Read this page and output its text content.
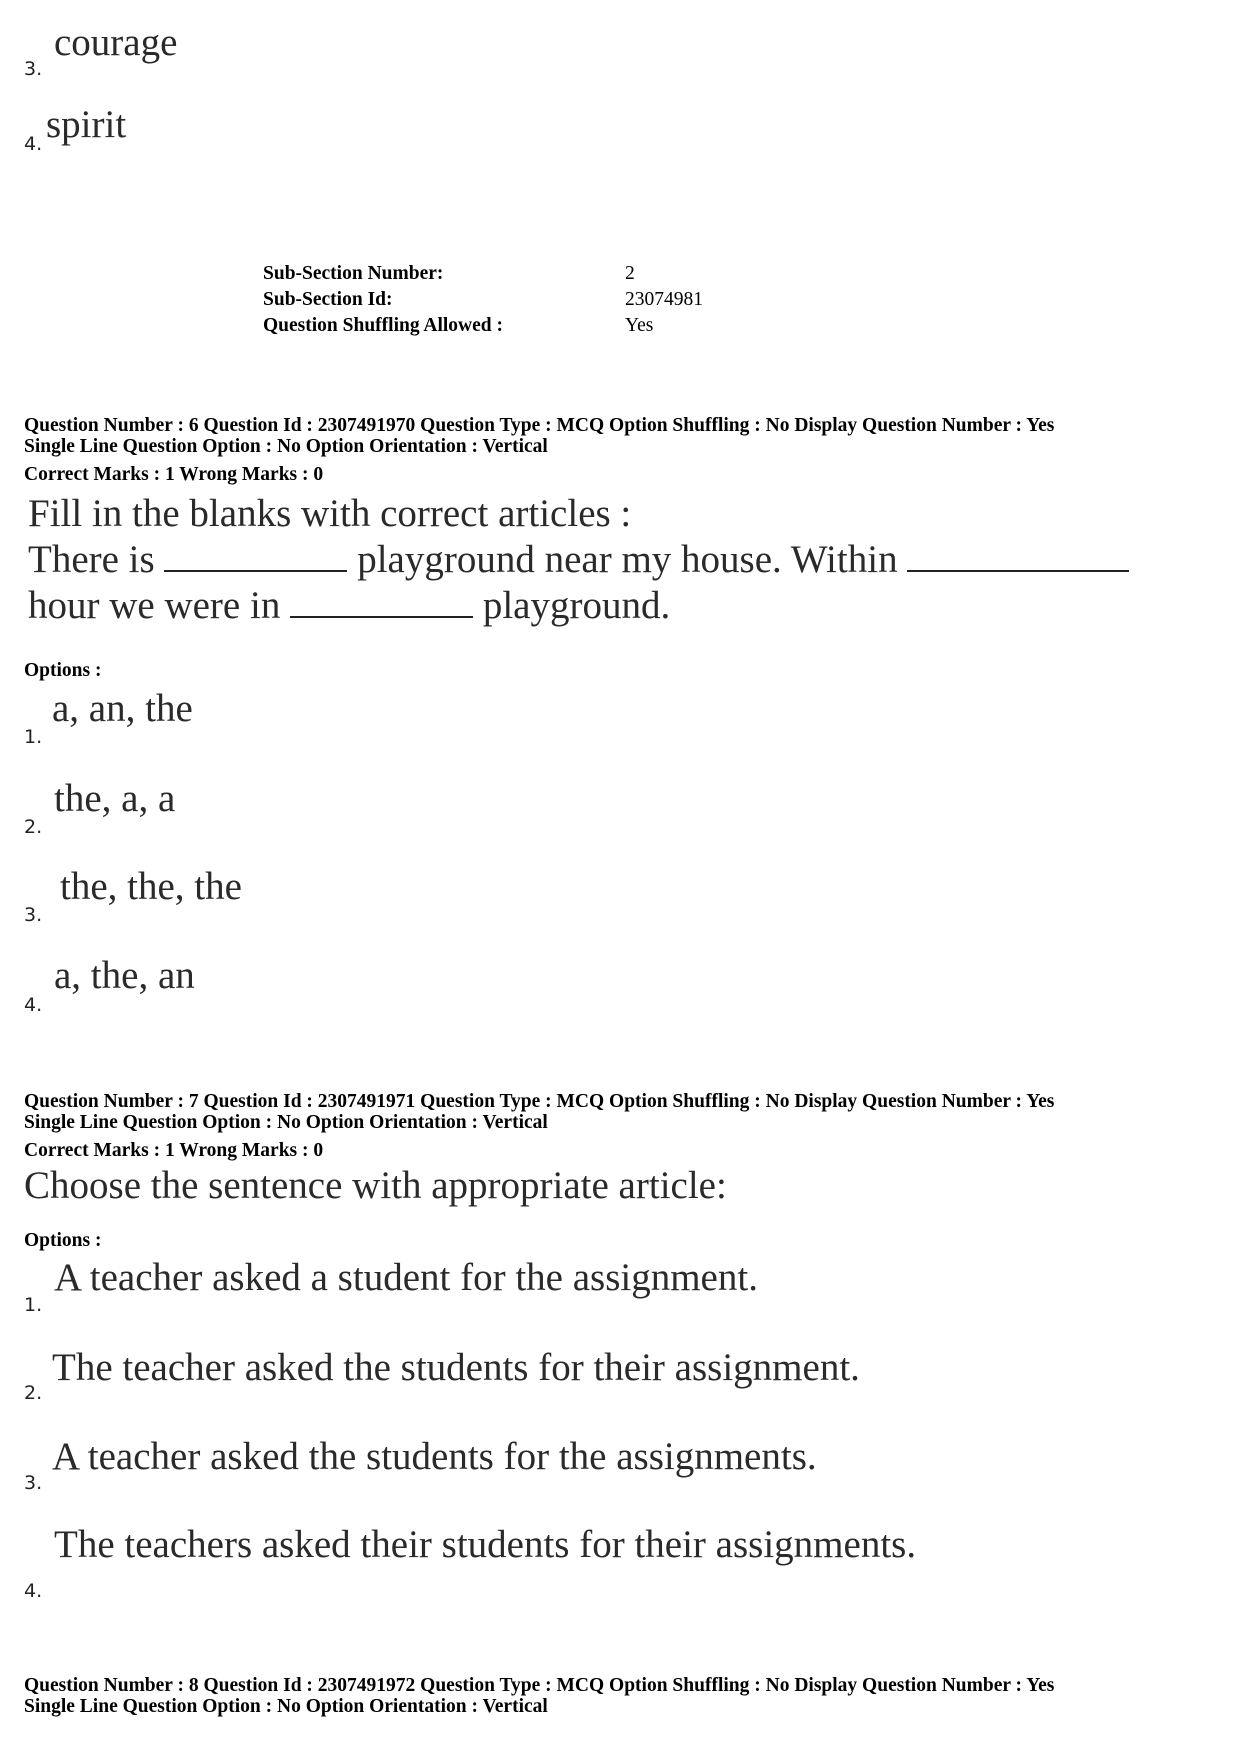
3.
courage
4. spirit
Sub-Section Number:	2
Sub-Section Id:	23074981
Question Shuffling Allowed :	Yes
Question Number : 6 Question Id : 2307491970 Question Type : MCQ Option Shuffling : No Display Question Number : Yes
Single Line Question Option : No Option Orientation : Vertical
Correct Marks : 1 Wrong Marks : 0
Fill in the blanks with correct articles :
There is	playground near my house. Within
hour we were in	playground.
Options :
1.
a, an, the
2.
the, a, a
3.
the, the, the
4.
a, the, an
Question Number : 7 Question Id : 2307491971 Question Type : MCQ Option Shuffling : No Display Question Number : Yes
Single Line Question Option : No Option Orientation : Vertical
Correct Marks : 1 Wrong Marks : 0
Choose the sentence with appropriate article:
Options :
1.
A teacher asked a student for the assignment.
2.
The teacher asked the students for their assignment.
3.
A teacher asked the students for the assignments.
4.
The teachers asked their students for their assignments.
Question Number : 8 Question Id : 2307491972 Question Type : MCQ Option Shuffling : No Display Question Number : Yes
Single Line Question Option : No Option Orientation : Vertical
